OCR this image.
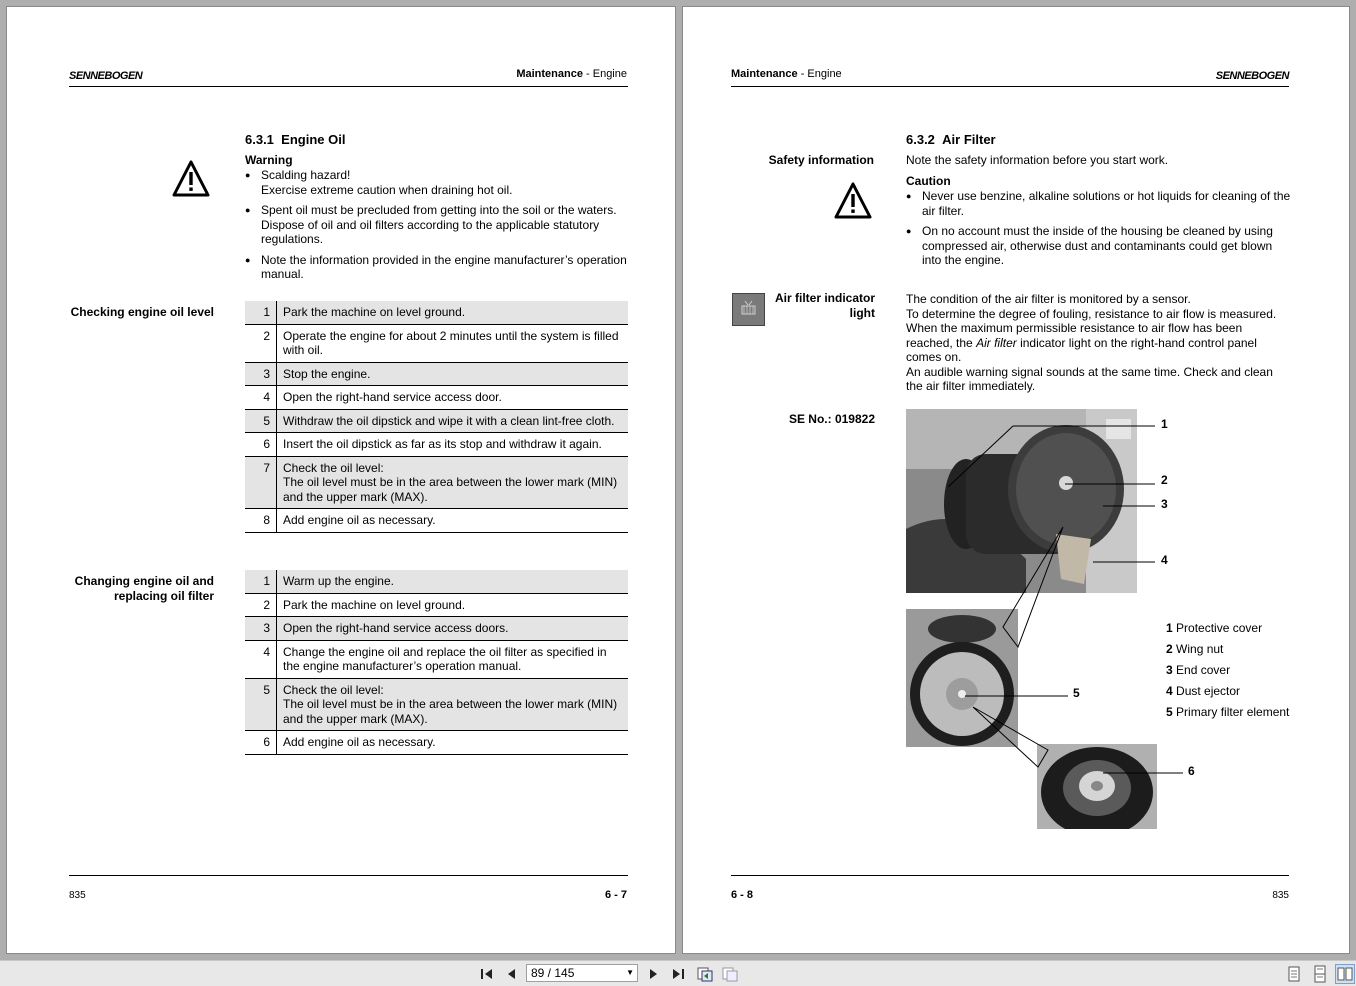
SENNEBOGEN	Maintenance - Engine
6.3.1 Engine Oil
Warning
● Scalding hazard!
Exercise extreme caution when draining hot oil.
● Spent oil must be precluded from getting into the soil or the waters. Dispose of oil and oil filters according to the applicable statutory regulations.
● Note the information provided in the engine manufacturer’s operation manual.
Checking engine oil level	1	Park the machine on level ground.
2	Operate the engine for about 2 minutes until the system is filled with oil.
3	Stop the engine.
4	Open the right-hand service access door.
5	Withdraw the oil dipstick and wipe it with a clean lint-free cloth.
6	Insert the oil dipstick as far as its stop and withdraw it again.
7	Check the oil level:
The oil level must be in the area between the lower mark (MIN) and the upper mark (MAX).
8	Add engine oil as necessary.
Changing engine oil and replacing oil filter
1	Warm up the engine.
2	Park the machine on level ground.
3	Open the right-hand service access doors.
4	Change the engine oil and replace the oil filter as specified in the engine manufacturer’s operation manual.
5	Check the oil level:
The oil level must be in the area between the lower mark (MIN) and the upper mark (MAX).
6	Add engine oil as necessary.
835	6 - 7
Maintenance - Engine	SENNEBOGEN
6.3.2 Air Filter
Safety information	Note the safety information before you start work.
Caution
● Never use benzine, alkaline solutions or hot liquids for cleaning of the air filter.
● On no account must the inside of the housing be cleaned by using compressed air, otherwise dust and contaminants could get blown into the engine.
Air filter indicator light
The condition of the air filter is monitored by a sensor.
To determine the degree of fouling, resistance to air flow is measured. When the maximum permissible resistance to air flow has been reached, the Air filter indicator light on the right-hand control panel comes on.
An audible warning signal sounds at the same time. Check and clean the air filter immediately.
SE No.: 019822	1
2
3
4
5
6
1 Protective cover
2 Wing nut
3 End cover
4 Dust ejector
5 Primary filter element
6 - 8	835
89 / 145	▼
